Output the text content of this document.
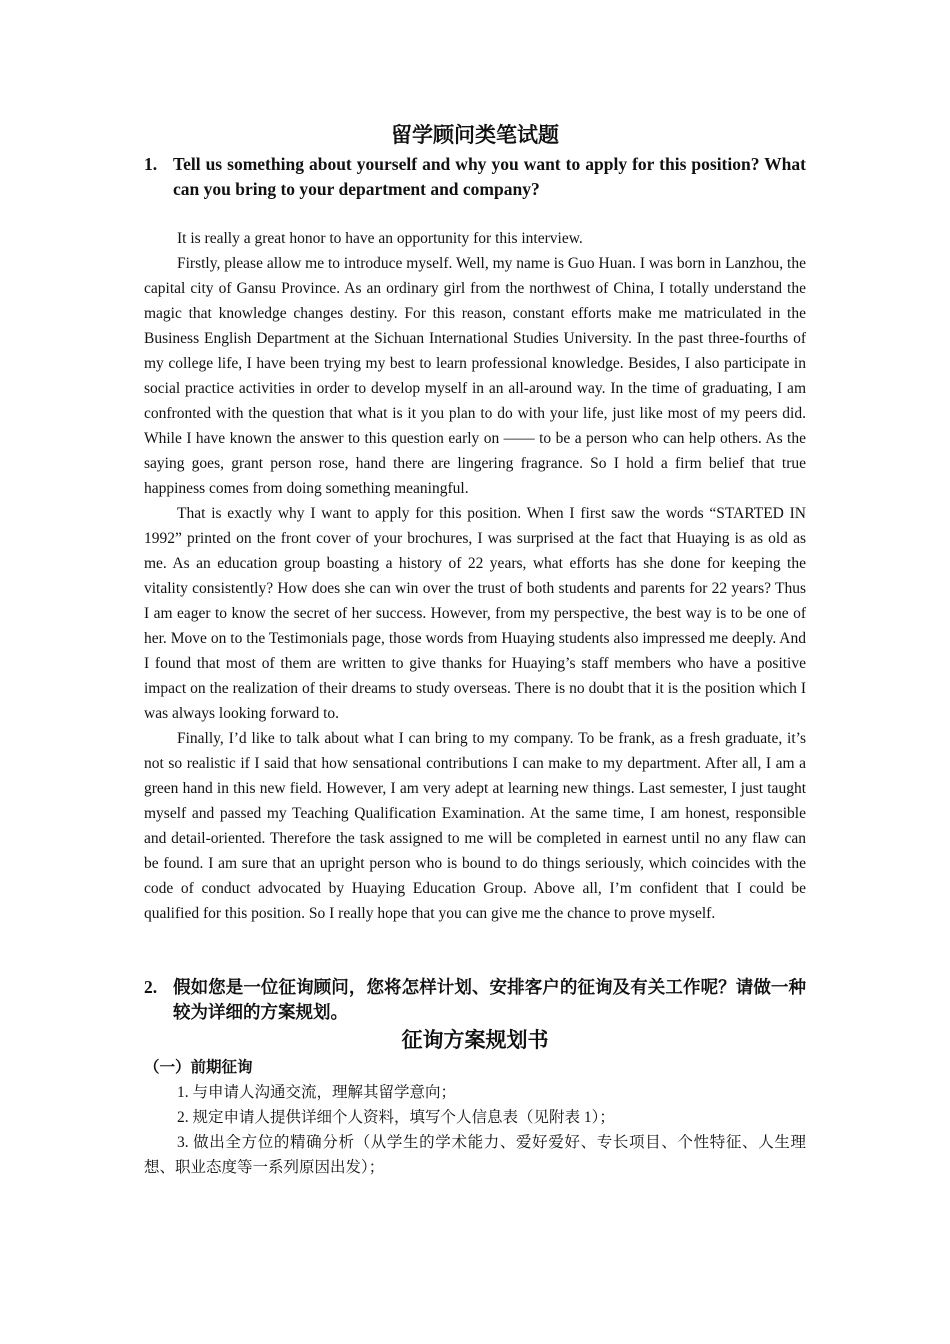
留学顾问类笔试题

1. Tell us something about yourself and why you want to apply for this position? What can you bring to your department and company?

It is really a great honor to have an opportunity for this interview.

Firstly, please allow me to introduce myself. Well, my name is Guo Huan. I was born in Lanzhou, the capital city of Gansu Province. As an ordinary girl from the northwest of China, I totally understand the magic that knowledge changes destiny. For this reason, constant efforts make me matriculated in the Business English Department at the Sichuan International Studies University. In the past three-fourths of my college life, I have been trying my best to learn professional knowledge. Besides, I also participate in social practice activities in order to develop myself in an all-around way. In the time of graduating, I am confronted with the question that what is it you plan to do with your life, just like most of my peers did. While I have known the answer to this question early on —— to be a person who can help others. As the saying goes, grant person rose, hand there are lingering fragrance. So I hold a firm belief that true happiness comes from doing something meaningful.

That is exactly why I want to apply for this position. When I first saw the words “STARTED IN 1992” printed on the front cover of your brochures, I was surprised at the fact that Huaying is as old as me. As an education group boasting a history of 22 years, what efforts has she done for keeping the vitality consistently? How does she can win over the trust of both students and parents for 22 years? Thus I am eager to know the secret of her success. However, from my perspective, the best way is to be one of her. Move on to the Testimonials page, those words from Huaying students also impressed me deeply. And I found that most of them are written to give thanks for Huaying’s staff members who have a positive impact on the realization of their dreams to study overseas. There is no doubt that it is the position which I was always looking forward to.

Finally, I’d like to talk about what I can bring to my company. To be frank, as a fresh graduate, it’s not so realistic if I said that how sensational contributions I can make to my department. After all, I am a green hand in this new field. However, I am very adept at learning new things. Last semester, I just taught myself and passed my Teaching Qualification Examination. At the same time, I am honest, responsible and detail-oriented. Therefore the task assigned to me will be completed in earnest until no any flaw can be found. I am sure that an upright person who is bound to do things seriously, which coincides with the code of conduct advocated by Huaying Education Group. Above all, I’m confident that I could be qualified for this position. So I really hope that you can give me the chance to prove myself.

2. 假如您是一位征询顾问，您将怎样计划、安排客户的征询及有关工作呢？请做一种较为详细的方案规划。

征询方案规划书

（一）前期征询

1. 与申请人沟通交流，理解其留学意向；

2. 规定申请人提供详细个人资料，填写个人信息表（见附表 1）；

3. 做出全方位的精确分析（从学生的学术能力、爱好爱好、专长项目、个性特征、人生理想、职业态度等一系列原因出发）；
